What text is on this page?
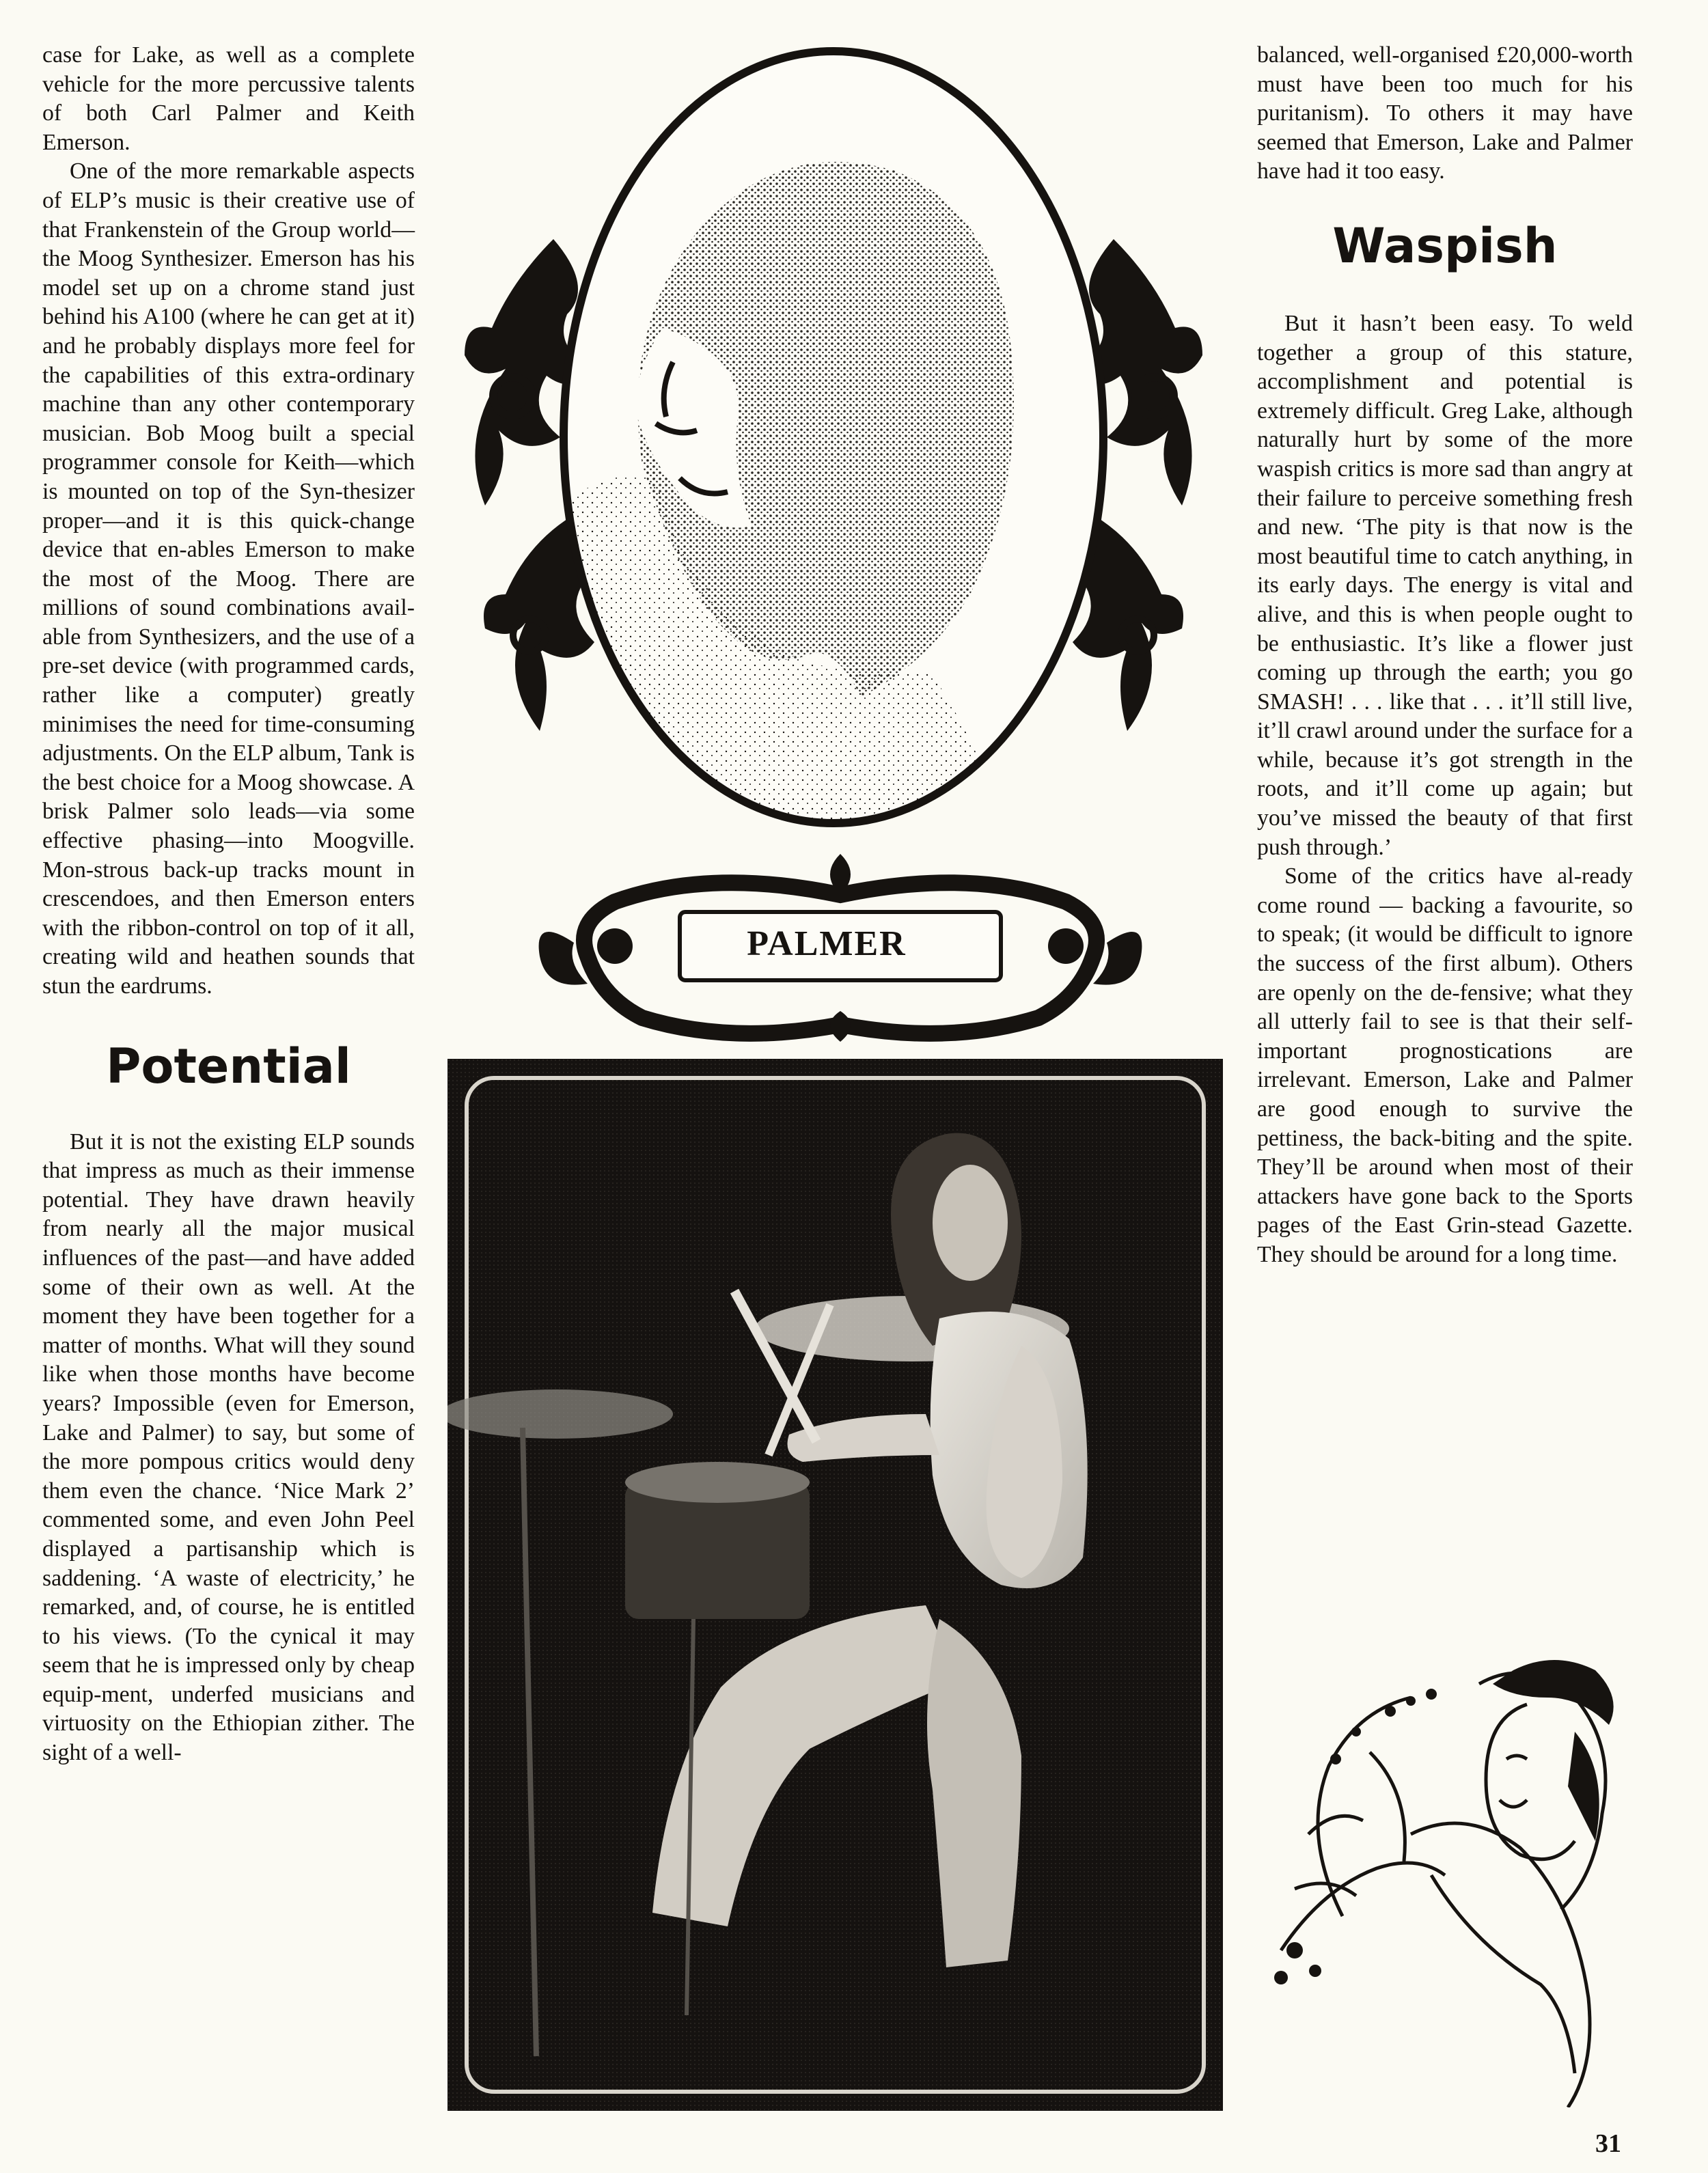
case for Lake, as well as a complete vehicle for the more percussive talents of both Carl Palmer and Keith Emerson.

One of the more remarkable aspects of ELP’s music is their creative use of that Frankenstein of the Group world—the Moog Synthesizer. Emerson has his model set up on a chrome stand just behind his A100 (where he can get at it) and he probably displays more feel for the capabilities of this extra-ordinary machine than any other contemporary musician. Bob Moog built a special programmer console for Keith—which is mounted on top of the Syn-thesizer proper—and it is this quick-change device that en-ables Emerson to make the most of the Moog. There are millions of sound combinations avail-able from Synthesizers, and the use of a pre-set device (with programmed cards, rather like a computer) greatly minimises the need for time-consuming adjustments. On the ELP album, Tank is the best choice for a Moog showcase. A brisk Palmer solo leads—via some effective phasing—into Moogville. Mon-strous back-up tracks mount in crescendoes, and then Emerson enters with the ribbon-control on top of it all, creating wild and heathen sounds that stun the eardrums.

Potential

But it is not the existing ELP sounds that impress as much as their immense potential. They have drawn heavily from nearly all the major musical influences of the past—and have added some of their own as well. At the moment they have been together for a matter of months. What will they sound like when those months have become years? Impossible (even for Emerson, Lake and Palmer) to say, but some of the more pompous critics would deny them even the chance. ‘Nice Mark 2’ commented some, and even John Peel displayed a partisanship which is saddening. ‘A waste of electricity,’ he remarked, and, of course, he is entitled to his views. (To the cynical it may seem that he is impressed only by cheap equip-ment, underfed musicians and virtuosity on the Ethiopian zither. The sight of a well-

balanced, well-organised £20,000-worth must have been too much for his puritanism). To others it may have seemed that Emerson, Lake and Palmer have had it too easy.

Waspish

But it hasn’t been easy. To weld together a group of this stature, accomplishment and potential is extremely difficult. Greg Lake, although naturally hurt by some of the more waspish critics is more sad than angry at their failure to perceive something fresh and new. ‘The pity is that now is the most beautiful time to catch anything, in its early days. The energy is vital and alive, and this is when people ought to be enthusiastic. It’s like a flower just coming up through the earth; you go SMASH! . . . like that . . . it’ll still live, it’ll crawl around under the surface for a while, because it’s got strength in the roots, and it’ll come up again; but you’ve missed the beauty of that first push through.’

Some of the critics have al-ready come round — backing a favourite, so to speak; (it would be difficult to ignore the success of the first album). Others are openly on the de-fensive; what they all utterly fail to see is that their self-important prognostications are irrelevant. Emerson, Lake and Palmer are good enough to survive the pettiness, the back-biting and the spite. They’ll be around when most of their attackers have gone back to the Sports pages of the East Grin-stead Gazette. They should be around for a long time.

PALMER
31
